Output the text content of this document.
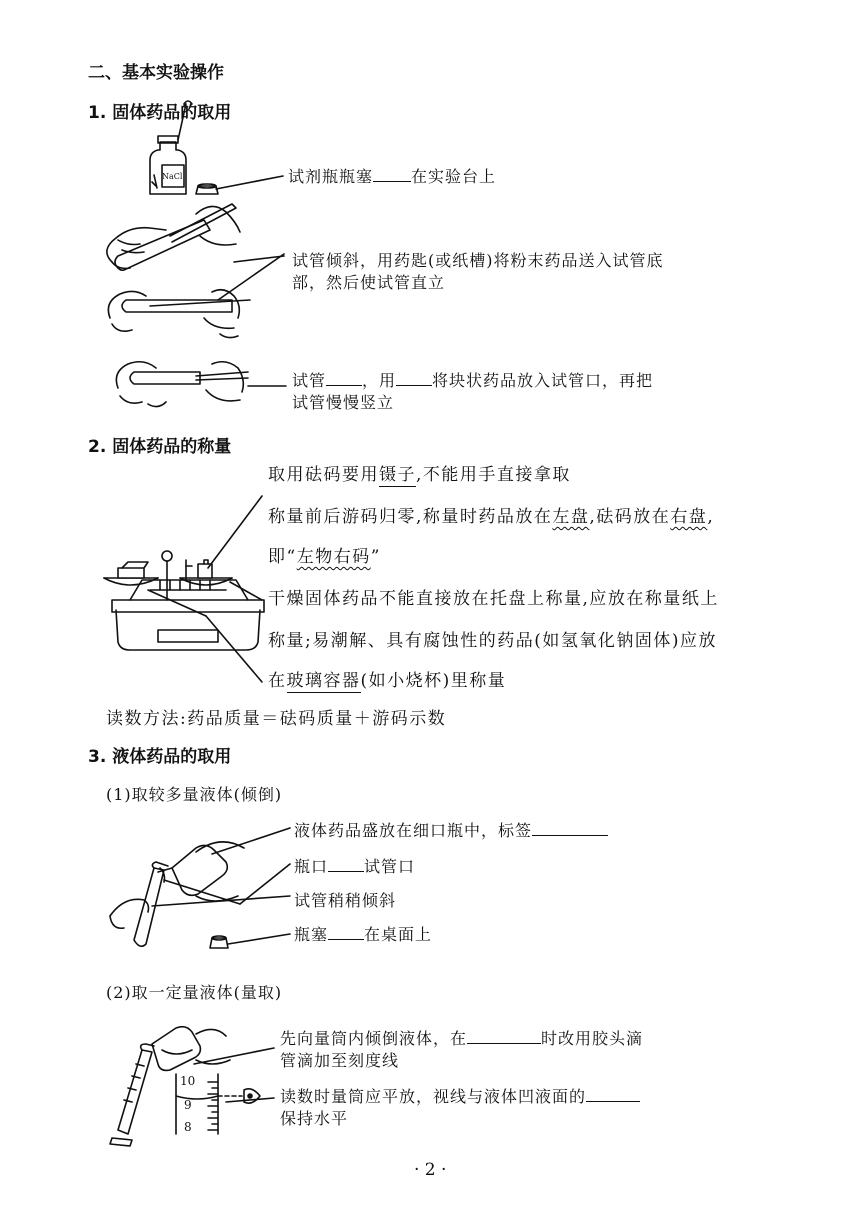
二、基本实验操作
1. 固体药品的取用
NaCl	试剂瓶瓶塞 在实验台上
试管倾斜，用药匙(或纸槽)将粉末药品送入试管底
部，然后使试管直立
试管 ，用 将块状药品放入试管口，再把
试管慢慢竖立
2. 固体药品的称量
取用砝码要用镊子,不能用手直接拿取
称量前后游码归零,称量时药品放在左盘,砝码放在右盘,
即“左物右码”
干燥固体药品不能直接放在托盘上称量,应放在称量纸上
称量;易潮解、具有腐蚀性的药品(如氢氧化钠固体)应放
在玻璃容器(如小烧杯)里称量
读数方法:药品质量＝砝码质量＋游码示数
3. 液体药品的取用
(1)取较多量液体(倾倒)
液体药品盛放在细口瓶中，标签
瓶口 试管口
试管稍稍倾斜
瓶塞 在桌面上
(2)取一定量液体(量取)
先向量筒内倾倒液体，在	时改用胶头滴
管滴加至刻度线
读数时量筒应平放，视线与液体凹液面的
保持水平
10
9
8
· 2 ·
